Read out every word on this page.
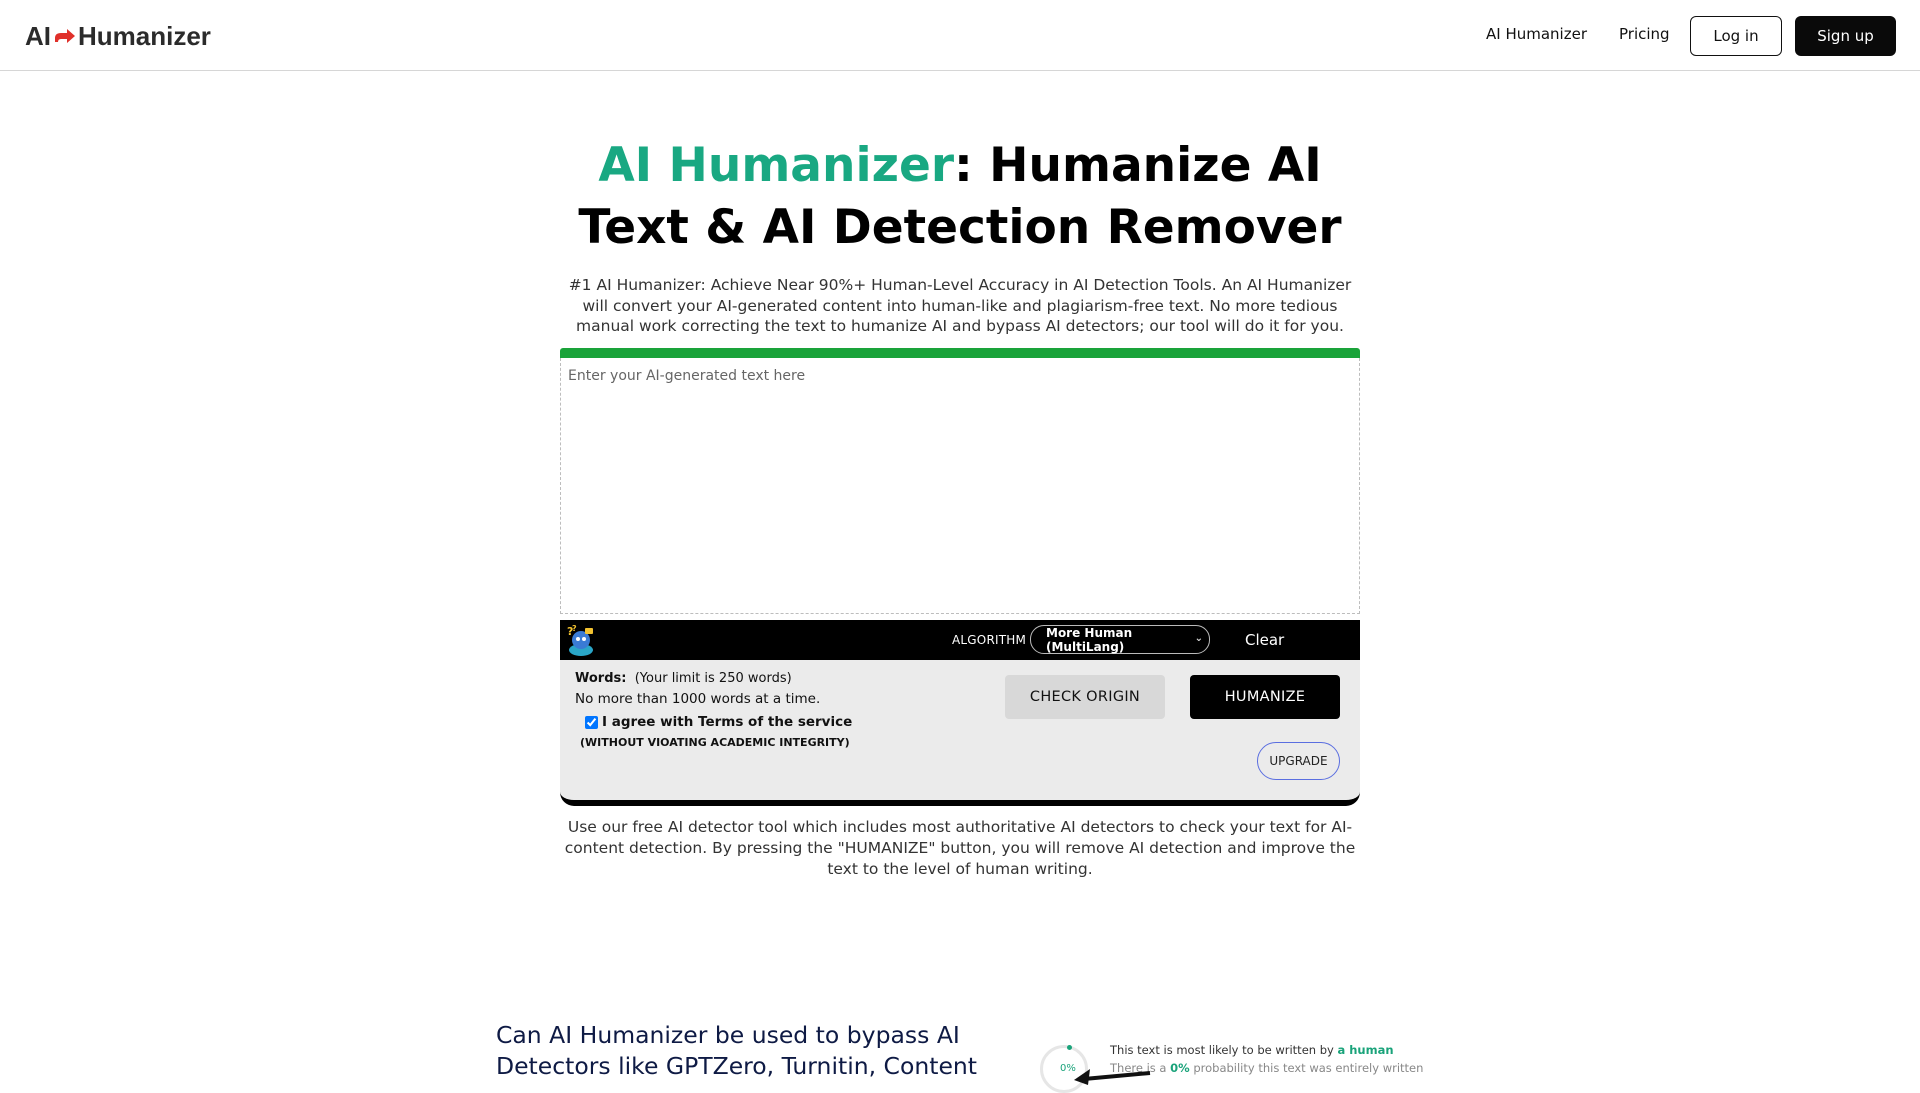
AI Humanizer	AI Humanizer Pricing	Log in	Sign up
AI Humanizer: Humanize AI Text & AI Detection Remover

#1 AI Humanizer: Achieve Near 90%+ Human-Level Accuracy in AI Detection Tools. An AI Humanizer will convert your AI-generated content into human-like and plagiarism-free text. No more tedious manual work correcting the text to humanize AI and bypass AI detectors; our tool will do it for you.

Enter your AI-generated text here
?
?
ALGORITHM
More Human (MultiLang)
⌄	Clear
Words: (Your limit is 250 words)
No more than 1000 words at a time.
I agree with Terms of the service
(WITHOUT VIOATING ACADEMIC INTEGRITY)
CHECK ORIGIN	HUMANIZE
UPGRADE

Use our free AI detector tool which includes most authoritative AI detectors to check your text for AI-content detection. By pressing the "HUMANIZE" button, you will remove AI detection and improve the text to the level of human writing.

Can AI Humanizer be used to bypass AI Detectors like GPTZero, Turnitin, Content	0%
This text is most likely to be written by a human
There is a 0% probability this text was entirely written
